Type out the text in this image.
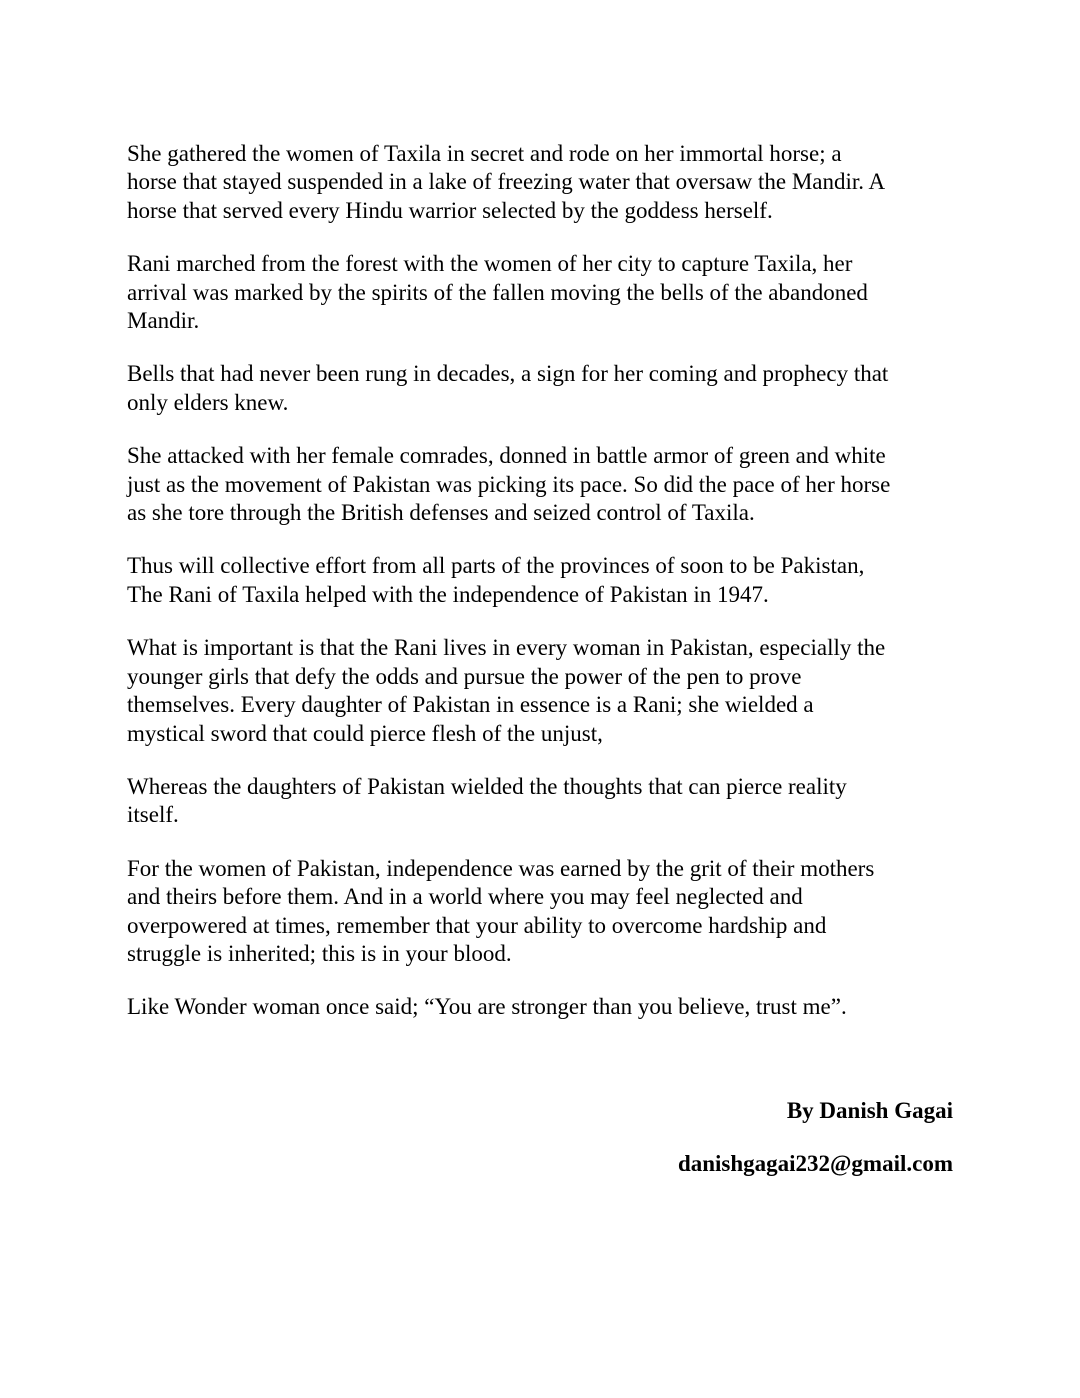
She gathered the women of Taxila in secret and rode on her immortal horse; a
horse that stayed suspended in a lake of freezing water that oversaw the Mandir. A
horse that served every Hindu warrior selected by the goddess herself.

Rani marched from the forest with the women of her city to capture Taxila, her
arrival was marked by the spirits of the fallen moving the bells of the abandoned
Mandir.

Bells that had never been rung in decades, a sign for her coming and prophecy that
only elders knew.

She attacked with her female comrades, donned in battle armor of green and white
just as the movement of Pakistan was picking its pace. So did the pace of her horse
as she tore through the British defenses and seized control of Taxila.

Thus will collective effort from all parts of the provinces of soon to be Pakistan,
The Rani of Taxila helped with the independence of Pakistan in 1947.

What is important is that the Rani lives in every woman in Pakistan, especially the
younger girls that defy the odds and pursue the power of the pen to prove
themselves. Every daughter of Pakistan in essence is a Rani; she wielded a
mystical sword that could pierce flesh of the unjust,

Whereas the daughters of Pakistan wielded the thoughts that can pierce reality
itself.

For the women of Pakistan, independence was earned by the grit of their mothers
and theirs before them. And in a world where you may feel neglected and
overpowered at times, remember that your ability to overcome hardship and
struggle is inherited; this is in your blood.

Like Wonder woman once said; “You are stronger than you believe, trust me”.

By Danish Gagai
danishgagai232@gmail.com
